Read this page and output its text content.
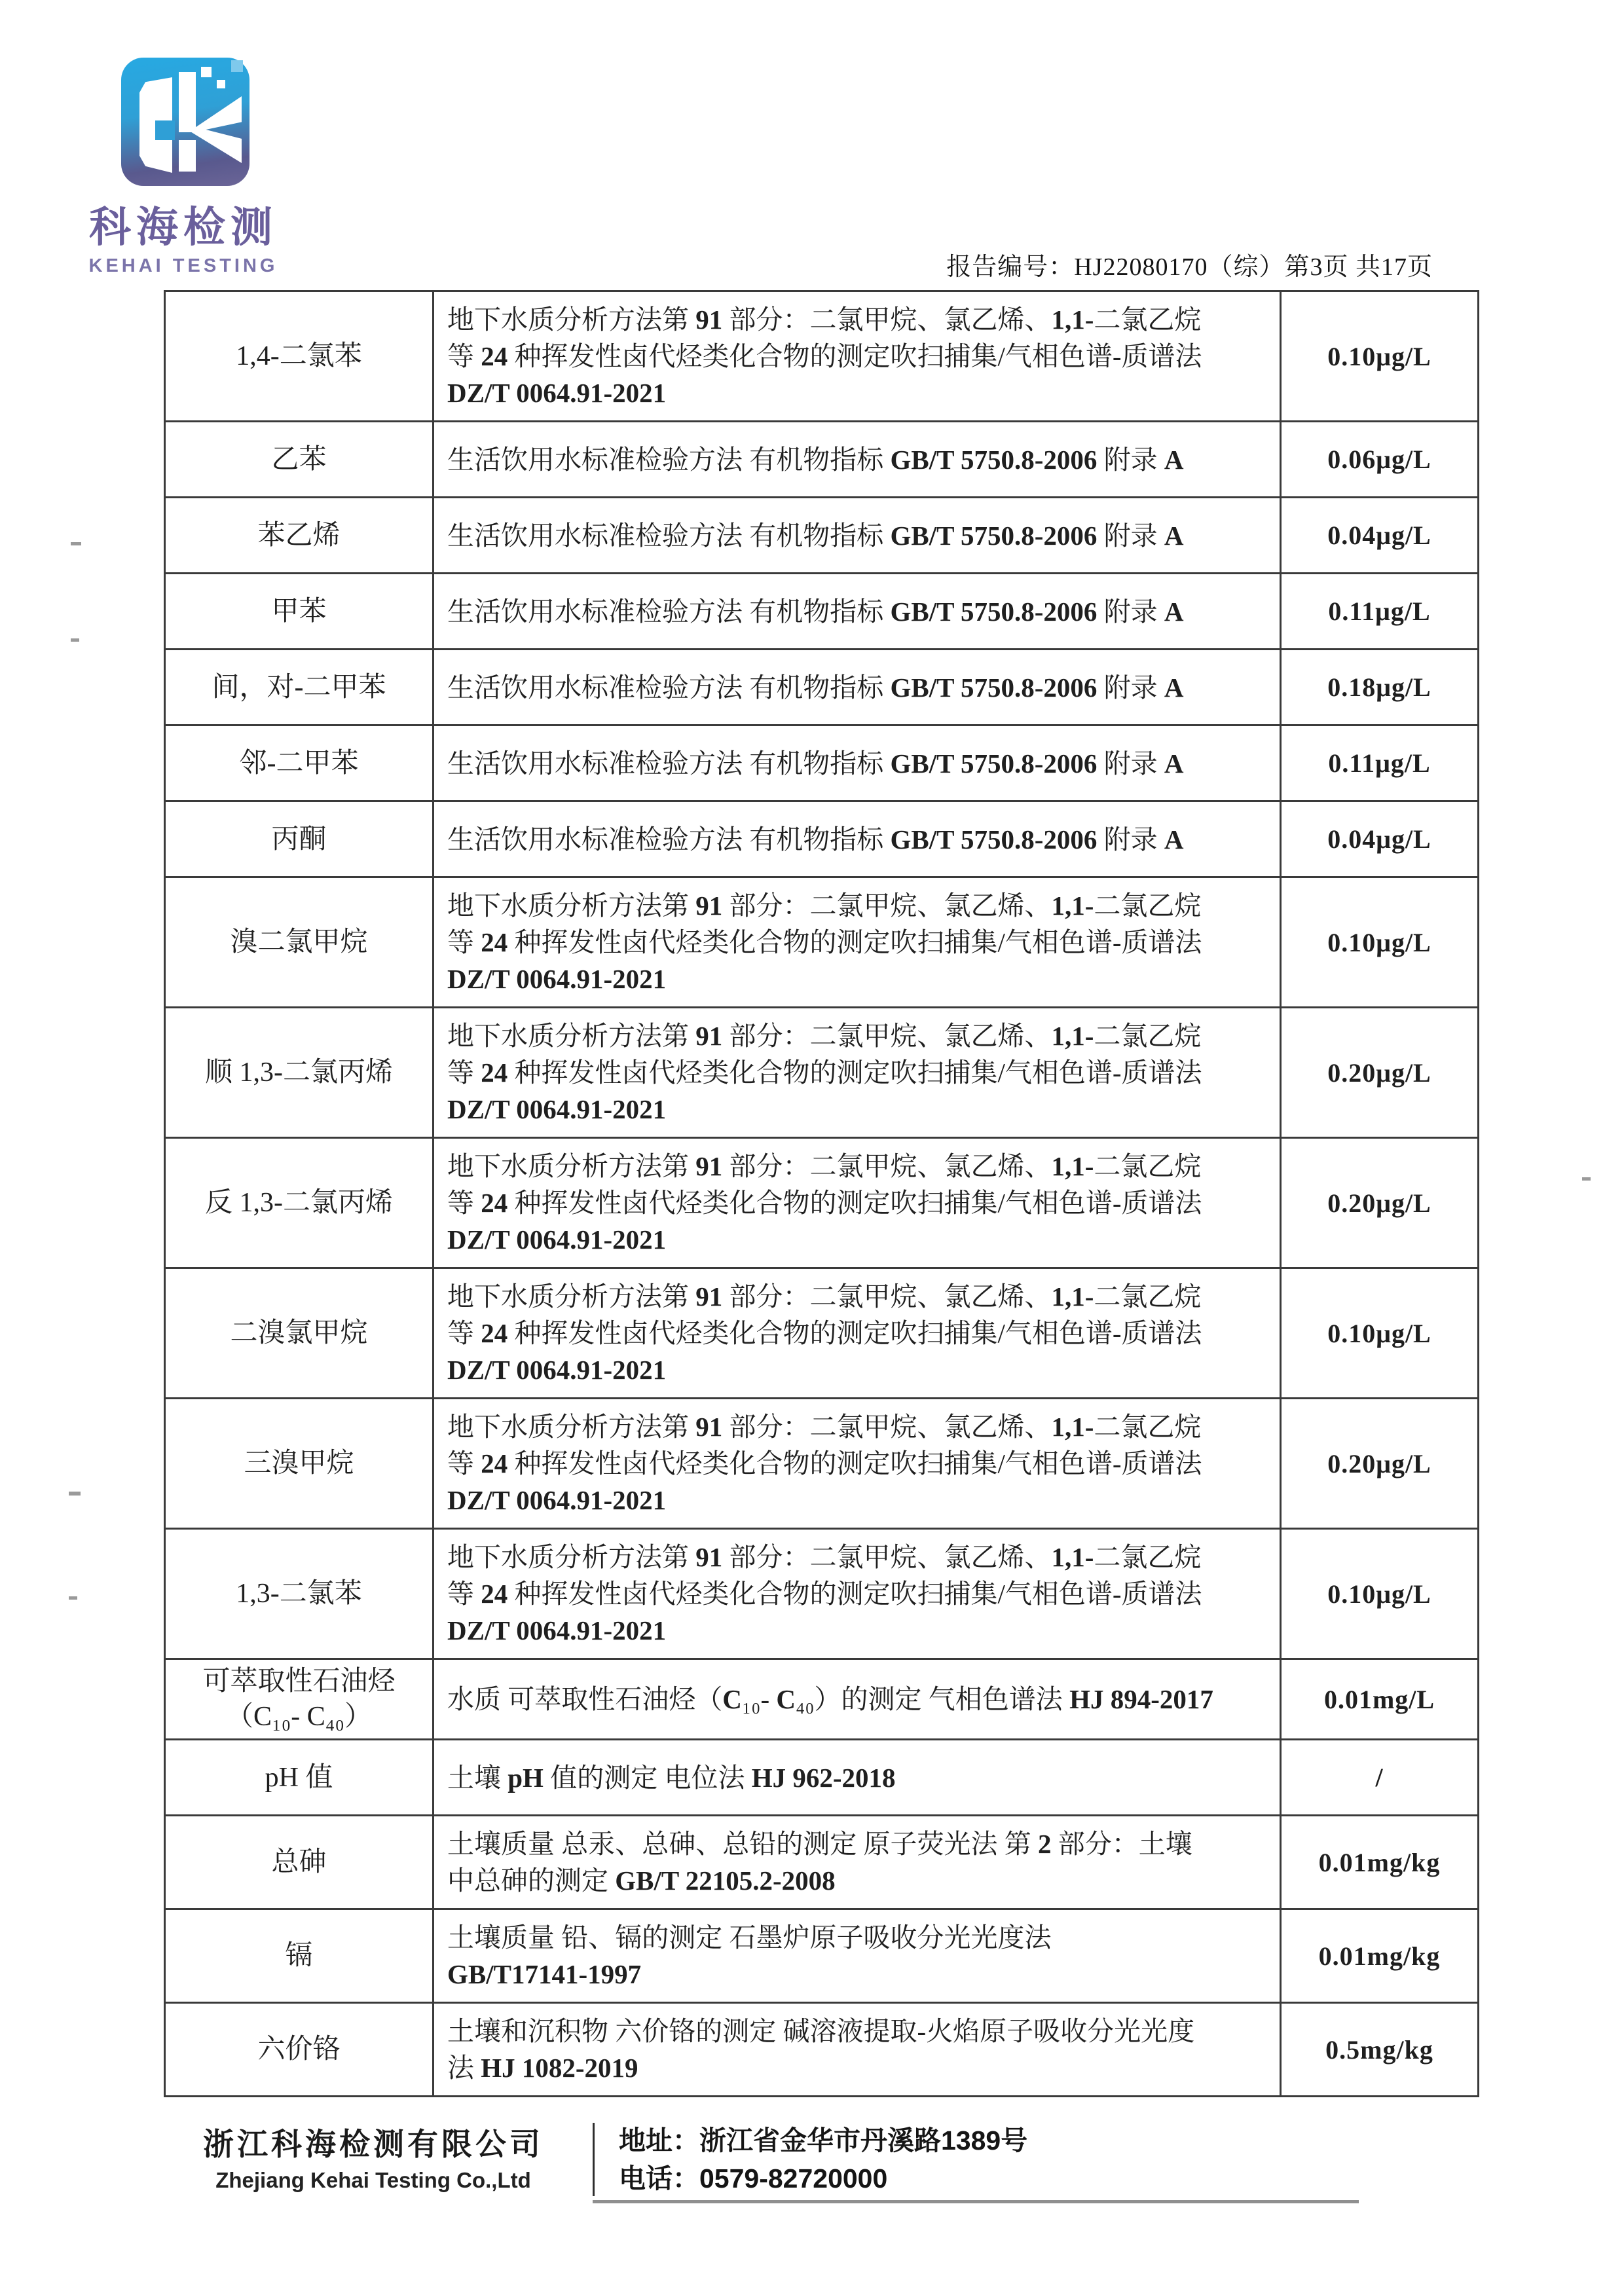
科海检测
KEHAI TESTING	报告编号：HJ22080170（综）第3页 共17页
1,4-二氯苯	地下水质分析方法第 91 部分：二氯甲烷、氯乙烯、1,1-二氯乙烷
等 24 种挥发性卤代烃类化合物的测定吹扫捕集/气相色谱-质谱法
DZ/T 0064.91-2021	0.10μg/L
乙苯	生活饮用水标准检验方法 有机物指标 GB/T 5750.8-2006 附录 A	0.06μg/L
苯乙烯	生活饮用水标准检验方法 有机物指标 GB/T 5750.8-2006 附录 A	0.04μg/L
甲苯	生活饮用水标准检验方法 有机物指标 GB/T 5750.8-2006 附录 A	0.11μg/L
间，对-二甲苯	生活饮用水标准检验方法 有机物指标 GB/T 5750.8-2006 附录 A	0.18μg/L
邻-二甲苯	生活饮用水标准检验方法 有机物指标 GB/T 5750.8-2006 附录 A	0.11μg/L
丙酮	生活饮用水标准检验方法 有机物指标 GB/T 5750.8-2006 附录 A	0.04μg/L
溴二氯甲烷	地下水质分析方法第 91 部分：二氯甲烷、氯乙烯、1,1-二氯乙烷
等 24 种挥发性卤代烃类化合物的测定吹扫捕集/气相色谱-质谱法
DZ/T 0064.91-2021	0.10μg/L
顺 1,3-二氯丙烯	地下水质分析方法第 91 部分：二氯甲烷、氯乙烯、1,1-二氯乙烷
等 24 种挥发性卤代烃类化合物的测定吹扫捕集/气相色谱-质谱法
DZ/T 0064.91-2021	0.20μg/L
反 1,3-二氯丙烯	地下水质分析方法第 91 部分：二氯甲烷、氯乙烯、1,1-二氯乙烷
等 24 种挥发性卤代烃类化合物的测定吹扫捕集/气相色谱-质谱法
DZ/T 0064.91-2021	0.20μg/L
二溴氯甲烷	地下水质分析方法第 91 部分：二氯甲烷、氯乙烯、1,1-二氯乙烷
等 24 种挥发性卤代烃类化合物的测定吹扫捕集/气相色谱-质谱法
DZ/T 0064.91-2021	0.10μg/L
三溴甲烷	地下水质分析方法第 91 部分：二氯甲烷、氯乙烯、1,1-二氯乙烷
等 24 种挥发性卤代烃类化合物的测定吹扫捕集/气相色谱-质谱法
DZ/T 0064.91-2021	0.20μg/L
1,3-二氯苯	地下水质分析方法第 91 部分：二氯甲烷、氯乙烯、1,1-二氯乙烷
等 24 种挥发性卤代烃类化合物的测定吹扫捕集/气相色谱-质谱法
DZ/T 0064.91-2021	0.10μg/L
可萃取性石油烃
（C₁₀- C₄₀）	水质 可萃取性石油烃（C₁₀- C₄₀）的测定 气相色谱法 HJ 894-2017	0.01mg/L
pH 值	土壤 pH 值的测定 电位法 HJ 962-2018	/
总砷	土壤质量 总汞、总砷、总铅的测定 原子荧光法 第 2 部分：土壤
中总砷的测定 GB/T 22105.2-2008	0.01mg/kg
镉	土壤质量 铅、镉的测定 石墨炉原子吸收分光光度法
GB/T17141-1997	0.01mg/kg
六价铬	土壤和沉积物 六价铬的测定 碱溶液提取-火焰原子吸收分光光度
法 HJ 1082-2019	0.5mg/kg
浙江科海检测有限公司
Zhejiang Kehai Testing Co.,Ltd
地址：浙江省金华市丹溪路1389号
电话：0579-82720000
